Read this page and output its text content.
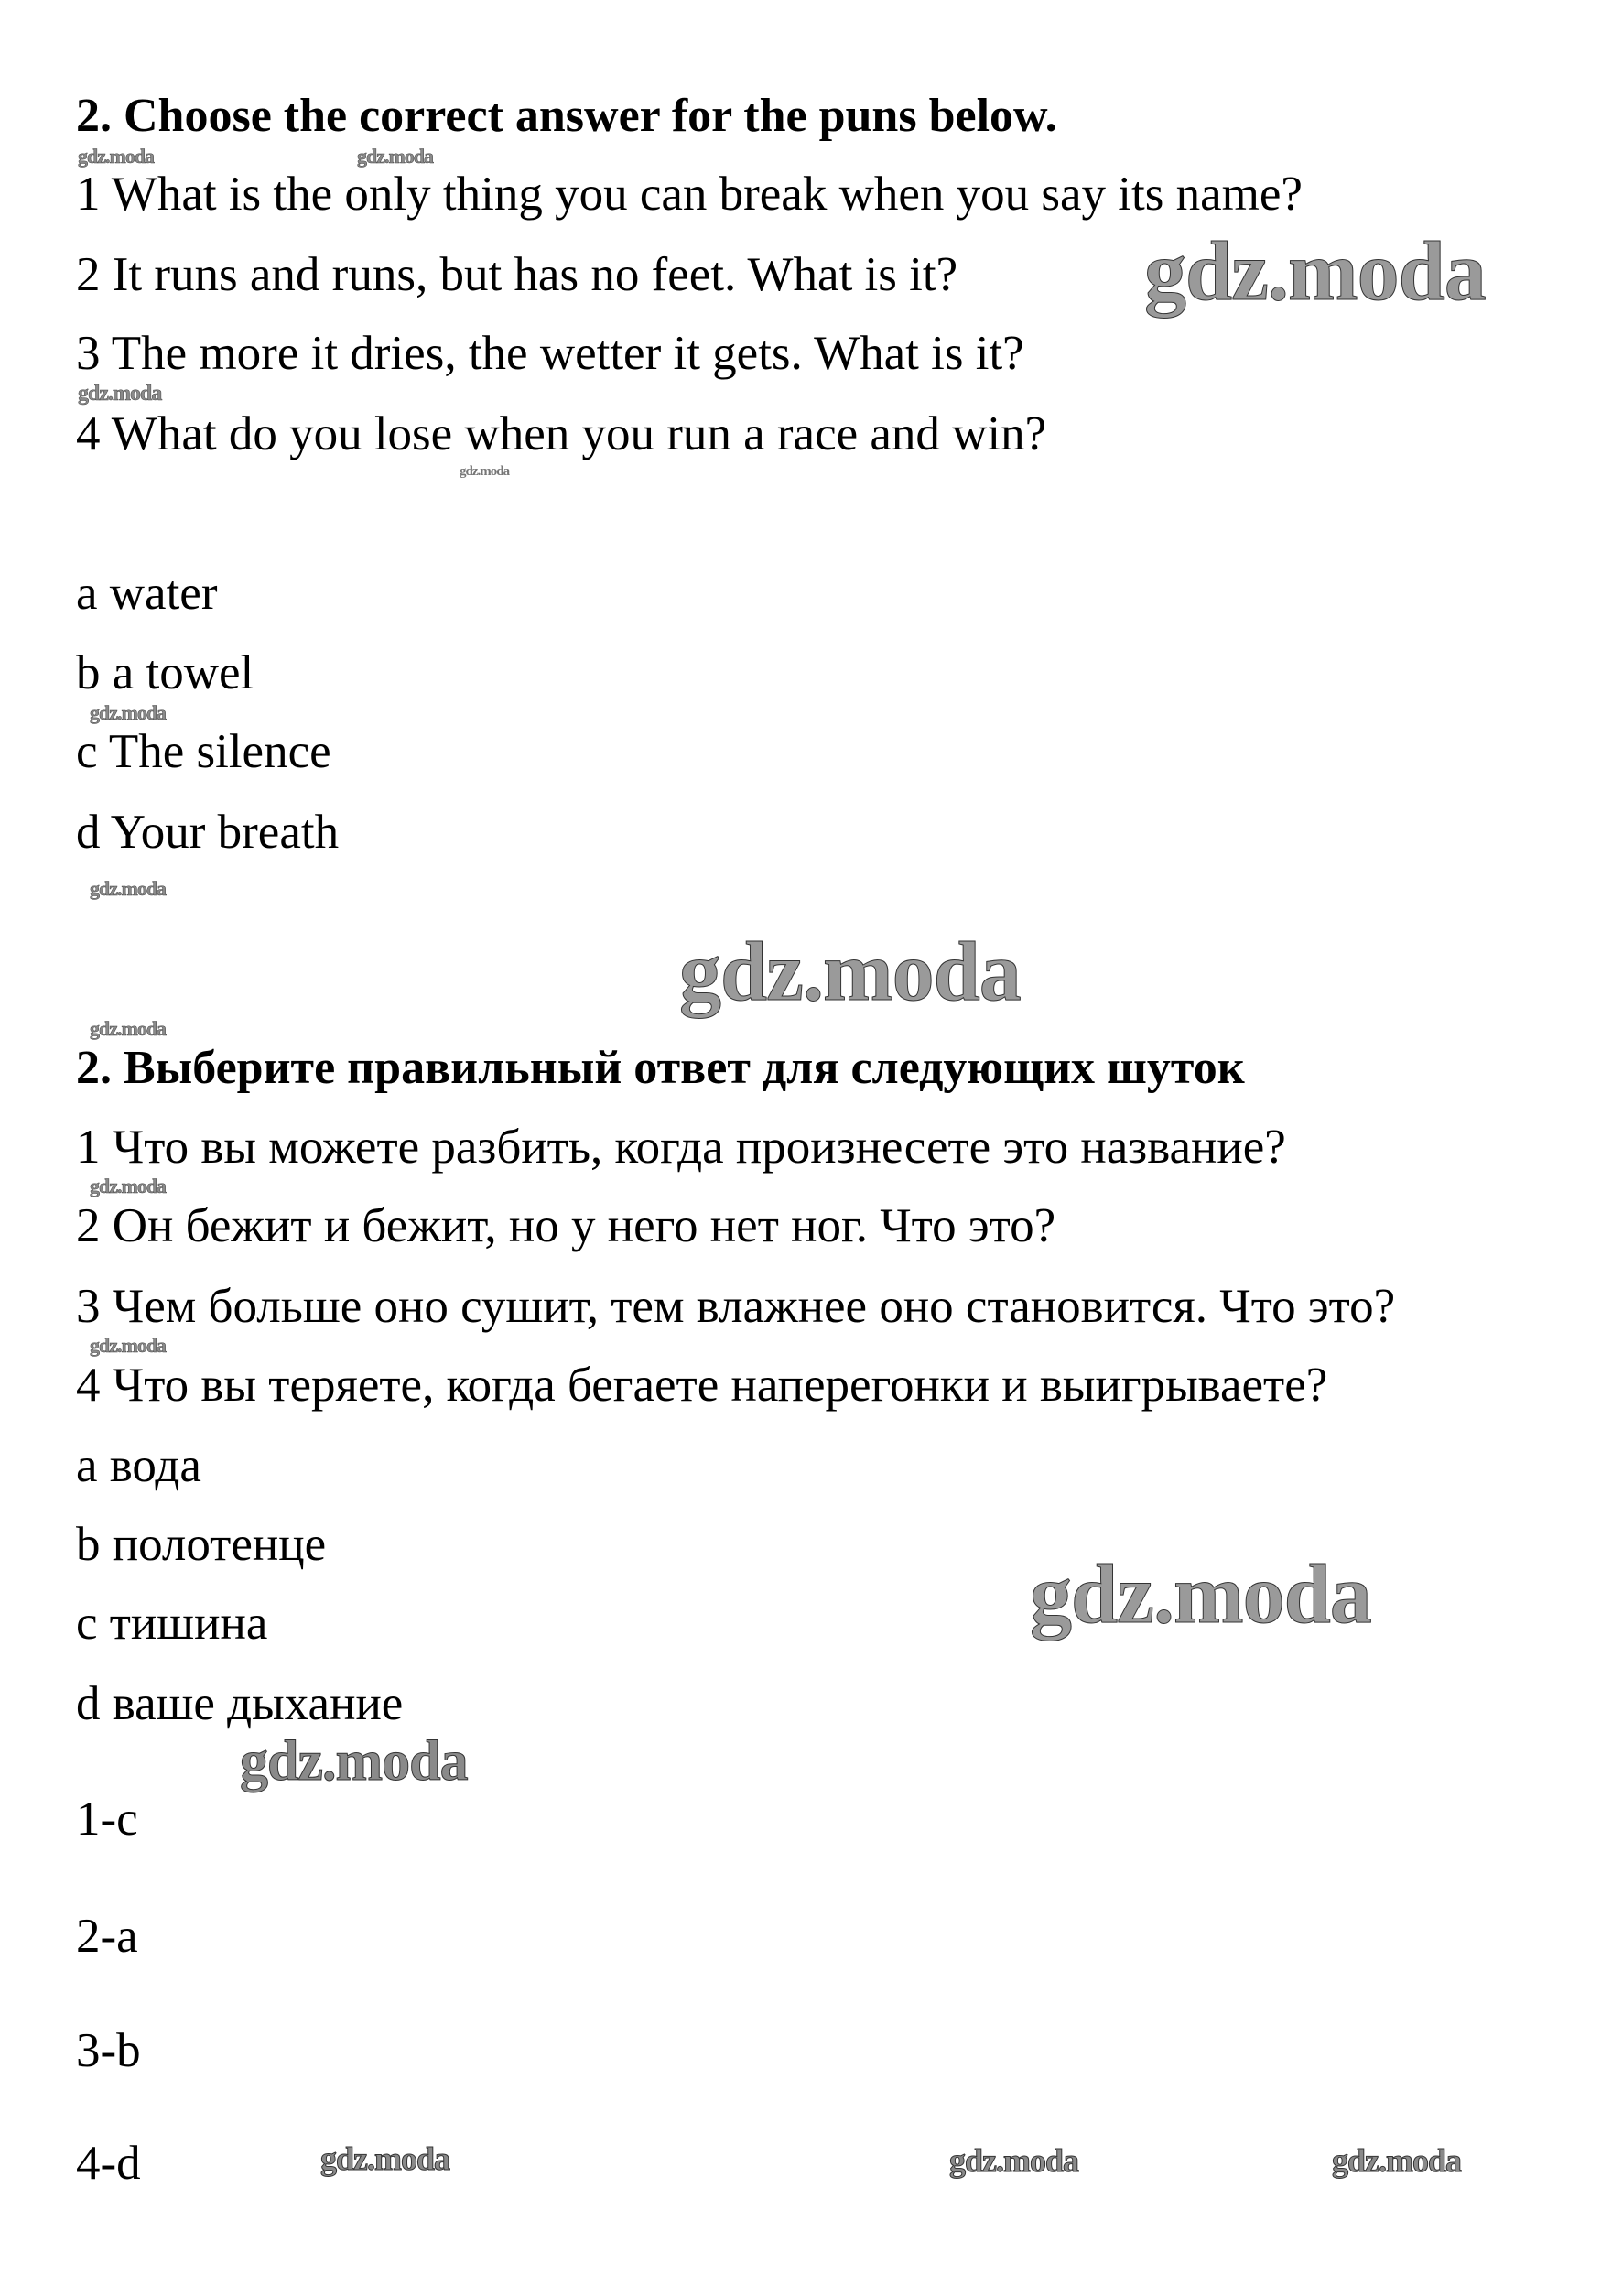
2. Choose the correct answer for the puns below.
1 What is the only thing you can break when you say its name?
2 It runs and runs, but has no feet. What is it?
3 The more it dries, the wetter it gets. What is it?
4 What do you lose when you run a race and win?
a water
b a towel
c The silence
d Your breath
2. Выберите правильный ответ для следующих шуток
1 Что вы можете разбить, когда произнесете это название?
2 Он бежит и бежит, но у него нет ног. Что это?
3 Чем больше оно сушит, тем влажнее оно становится. Что это?
4 Что вы теряете, когда бегаете наперегонки и выигрываете?
а вода
b полотенце
с тишина
d ваше дыхание
1-c
2-a
3-b
4-d
gdz.moda
gdz.moda
gdz.moda
gdz.moda
gdz.moda	gdz.moda	gdz.moda
gdz.moda	gdz.moda
gdz.moda
gdz.moda
gdz.moda
gdz.moda
gdz.moda
gdz.moda
gdz.moda
